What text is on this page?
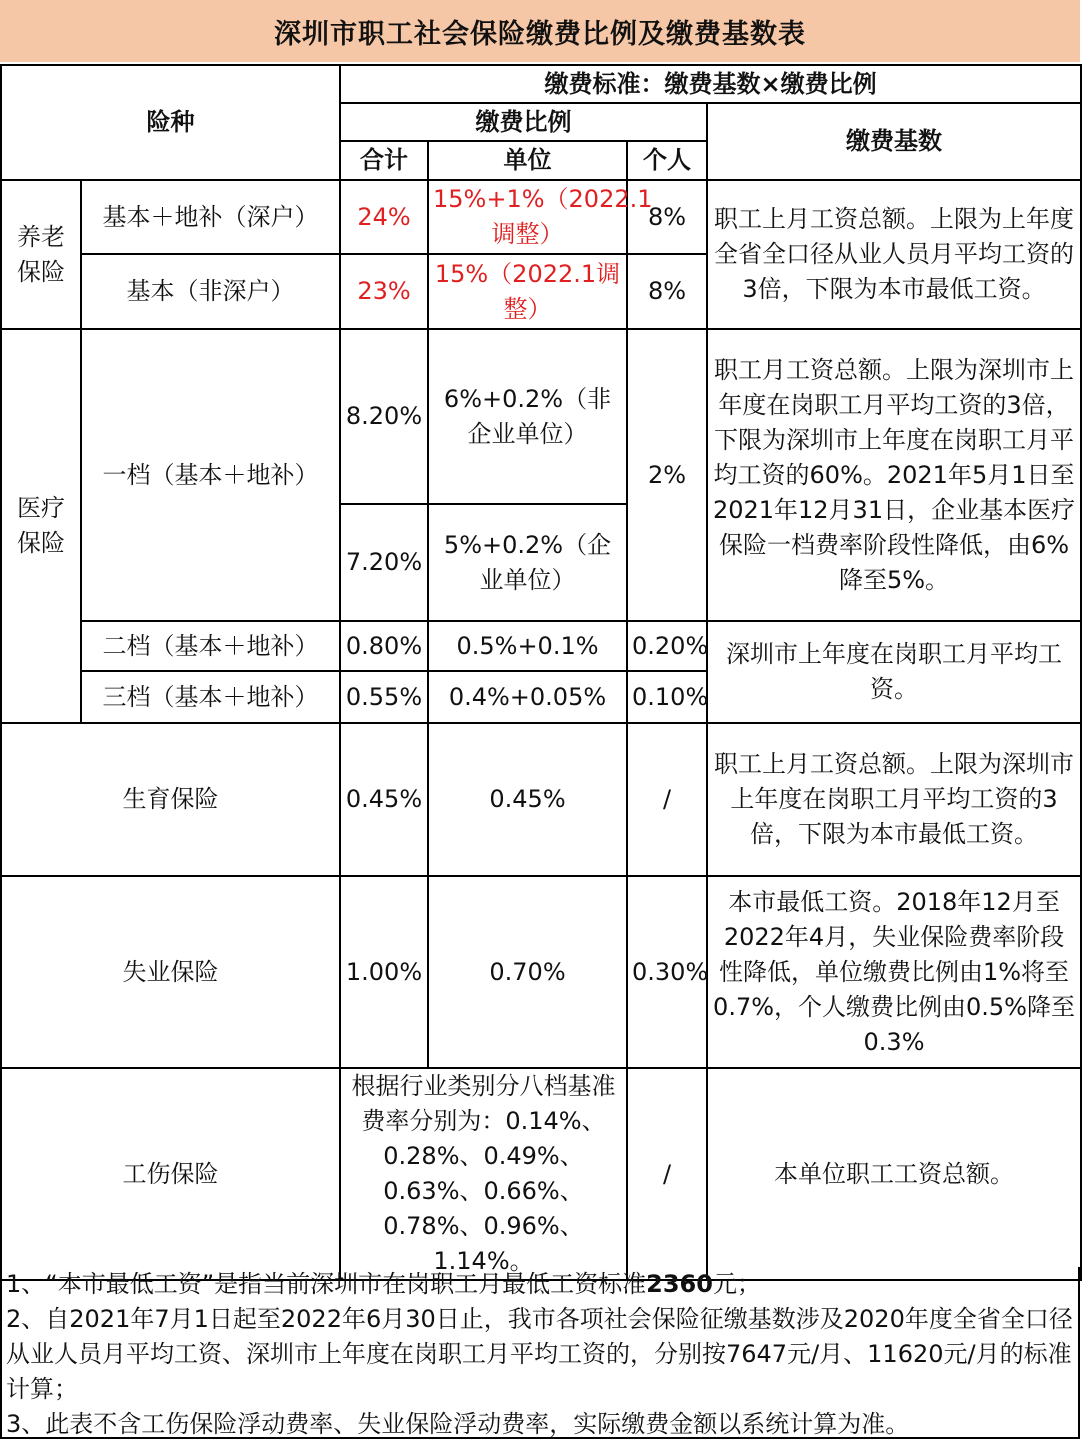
深圳市职工社会保险缴费比例及缴费基数表
险种		缴费标准：缴费基数×缴费比例			
		缴费比例			缴费基数
		合计	单位	个人	
养老保险	基本＋地补（深户）	24%	15%+1%（2022.1调整）	8%	职工上月工资总额。上限为上年度全省全口径从业人员月平均工资的3倍，下限为本市最低工资。
	基本（非深户）	23%	15%（2022.1调整）	8%	
医疗保险	一档（基本＋地补）	8.20%	6%+0.2%（非企业单位）	2%	职工月工资总额。上限为深圳市上年度在岗职工月平均工资的3倍，下限为深圳市上年度在岗职工月平均工资的60%。2021年5月1日至2021年12月31日，企业基本医疗保险一档费率阶段性降低，由6%降至5%。
		7.20%	5%+0.2%（企业单位）		
	二档（基本＋地补）	0.80%	0.5%+0.1%	0.20%	深圳市上年度在岗职工月平均工资。
	三档（基本＋地补）	0.55%	0.4%+0.05%	0.10%	
生育保险		0.45%	0.45%	/	职工上月工资总额。上限为深圳市上年度在岗职工月平均工资的3倍，下限为本市最低工资。
失业保险		1.00%	0.70%	0.30%	本市最低工资。2018年12月至2022年4月，失业保险费率阶段性降低，单位缴费比例由1%将至0.7%，个人缴费比例由0.5%降至0.3%
工伤保险		根据行业类别分八档基准费率分别为：0.14%、0.28%、0.49%、0.63%、0.66%、0.78%、0.96%、1.14%。		/	本单位职工工资总额。

1、“本市最低工资”是指当前深圳市在岗职工月最低工资标准2360元；

2、自2021年7月1日起至2022年6月30日止，我市各项社会保险征缴基数涉及2020年度全省全口径从业人员月平均工资、深圳市上年度在岗职工月平均工资的，分别按7647元/月、11620元/月的标准计算；

3、此表不含工伤保险浮动费率、失业保险浮动费率，实际缴费金额以系统计算为准。
